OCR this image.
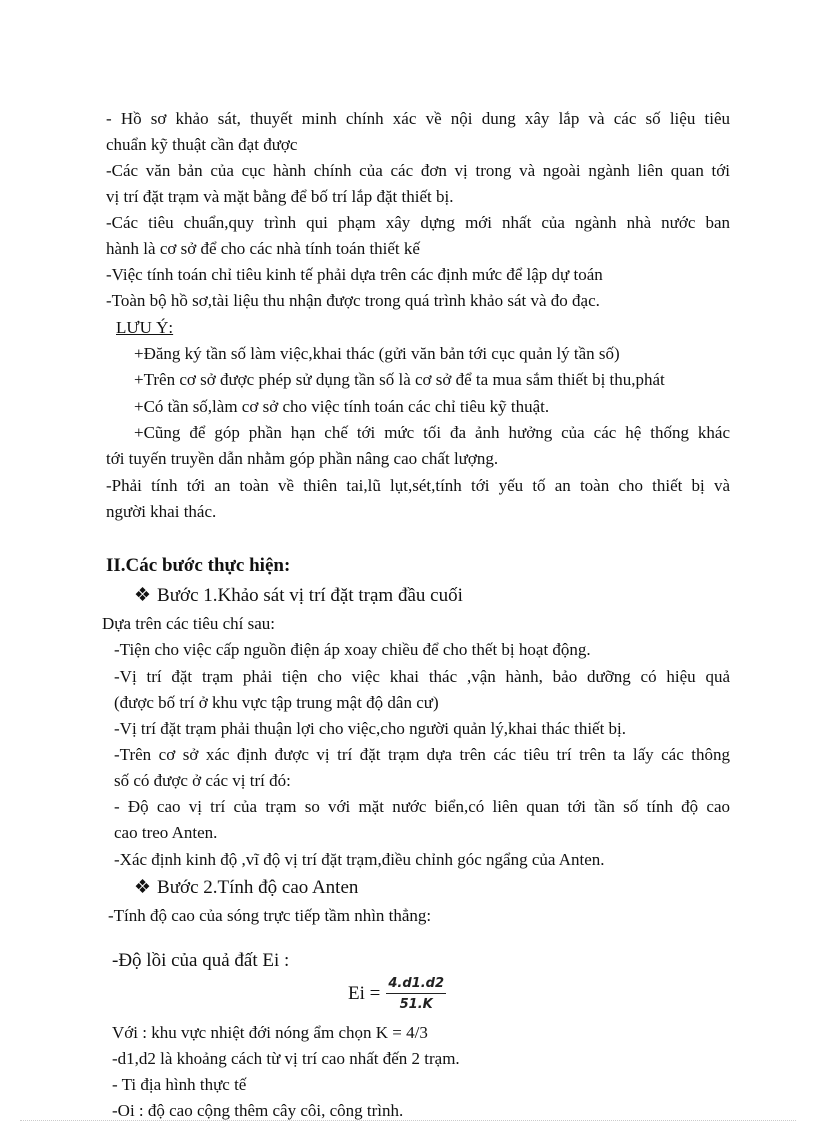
- Hồ sơ khảo sát, thuyết minh chính xác về nội dung xây lắp và các số liệu tiêu
chuẩn kỹ thuật cần đạt được
-Các văn bản của cục hành chính của các đơn vị trong và ngoài ngành liên quan tới
vị trí đặt trạm và mặt bằng để bố trí lắp đặt thiết bị.
-Các tiêu chuẩn,quy trình qui phạm xây dựng mới nhất của ngành nhà nước ban
hành là cơ sở để cho các nhà tính toán thiết kế
-Việc tính toán chỉ tiêu kinh tế phải dựa trên các định mức để lập dự toán
-Toàn bộ hồ sơ,tài liệu thu nhận được trong quá trình khảo sát và đo đạc.
LƯU Ý:
+Đăng ký tần số làm việc,khai thác (gửi văn bản tới cục quản lý tần số)
+Trên cơ sở được phép sử dụng tần số là cơ sở để ta mua sắm thiết bị thu,phát
+Có tần số,làm cơ sở cho việc tính toán các chỉ tiêu kỹ thuật.
+Cũng để góp phần hạn chế tới mức tối đa ảnh hưởng của các hệ thống khác
tới tuyến truyền dẫn nhằm góp phần nâng cao chất lượng.
-Phải tính tới an toàn về thiên tai,lũ lụt,sét,tính tới yếu tố an toàn cho thiết bị và
người khai thác.
II.Các bước thực hiện:
❖ Bước 1.Khảo sát vị trí đặt trạm đầu cuối
Dựa trên các tiêu chí sau:
-Tiện cho việc cấp nguồn điện áp xoay chiều để cho thết bị hoạt động.
-Vị trí đặt trạm phải tiện cho việc khai thác ,vận hành, bảo dưỡng có hiệu quả
(được bố trí ở khu vực tập trung mật độ dân cư)
-Vị trí đặt trạm phải thuận lợi cho việc,cho người quản lý,khai thác thiết bị.
-Trên cơ sở xác định được vị trí đặt trạm dựa trên các tiêu trí trên ta lấy các thông
số có được ở các vị trí đó:
- Độ cao vị trí của trạm so với mặt nước biển,có liên quan tới tần số tính độ cao
cao treo Anten.
-Xác định kinh độ ,vĩ độ vị trí đặt trạm,điều chỉnh góc ngẩng của Anten.
❖ Bước 2.Tính độ cao Anten
-Tính độ cao của sóng trực tiếp tầm nhìn thẳng:
-Độ lồi của quả đất Ei :
$Ei = \frac{4.d1.d2}{51.K}$
Với : khu vực nhiệt đới nóng ẩm chọn K = 4/3
-d1,d2 là khoảng cách từ vị trí cao nhất đến 2 trạm.
- Ti địa hình thực tế
-Oi : độ cao cộng thêm cây côi, công trình.
